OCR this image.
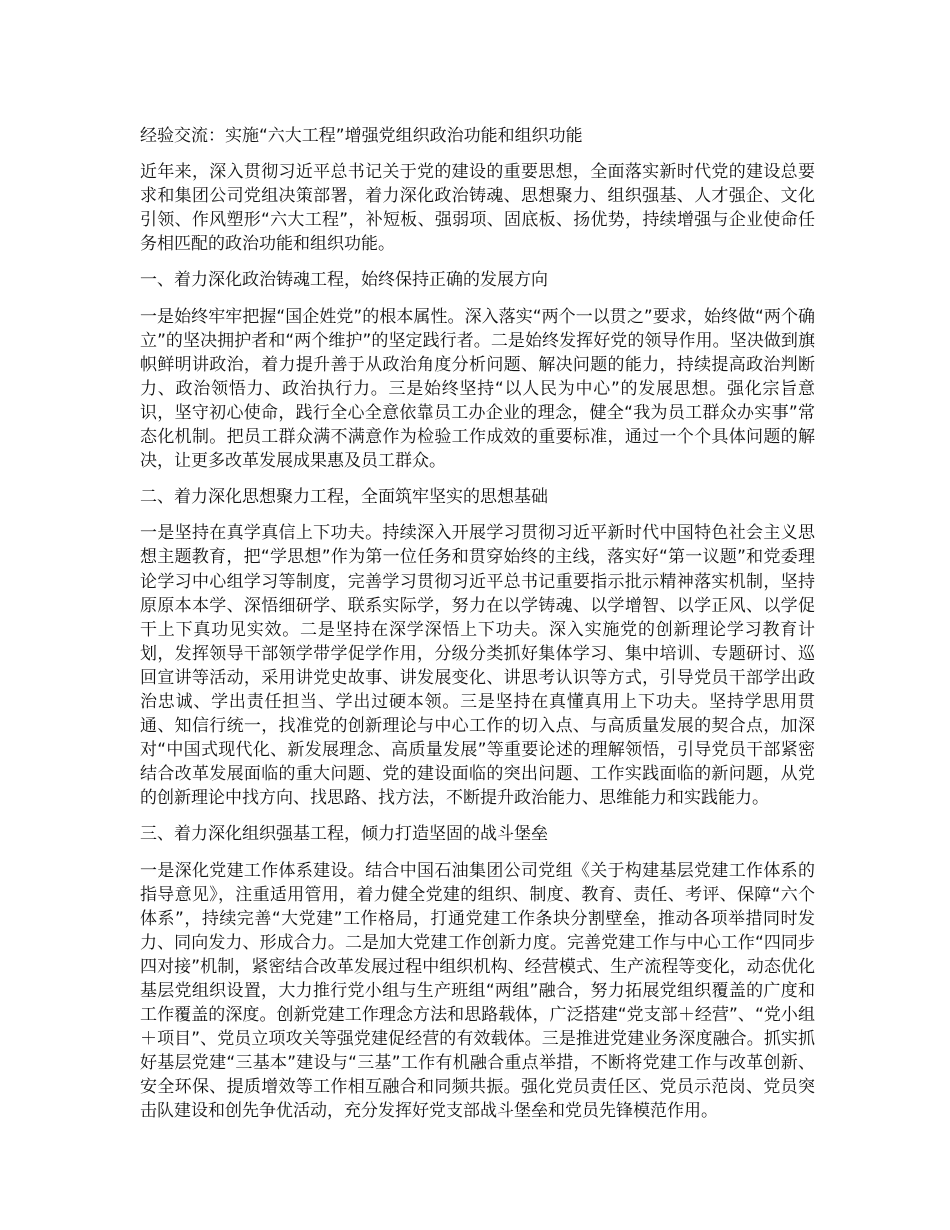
经验交流：实施“六大工程”增强党组织政治功能和组织功能

近年来，深入贯彻习近平总书记关于党的建设的重要思想，全面落实新时代党的建设总要求和集团公司党组决策部署，着力深化政治铸魂、思想聚力、组织强基、人才强企、文化引领、作风塑形“六大工程”，补短板、强弱项、固底板、扬优势，持续增强与企业使命任务相匹配的政治功能和组织功能。

一、着力深化政治铸魂工程，始终保持正确的发展方向

一是始终牢牢把握“国企姓党”的根本属性。深入落实“两个一以贯之”要求，始终做“两个确立”的坚决拥护者和“两个维护”的坚定践行者。二是始终发挥好党的领导作用。坚决做到旗帜鲜明讲政治，着力提升善于从政治角度分析问题、解决问题的能力，持续提高政治判断力、政治领悟力、政治执行力。三是始终坚持“以人民为中心”的发展思想。强化宗旨意识，坚守初心使命，践行全心全意依靠员工办企业的理念，健全“我为员工群众办实事”常态化机制。把员工群众满不满意作为检验工作成效的重要标准，通过一个个具体问题的解决，让更多改革发展成果惠及员工群众。

二、着力深化思想聚力工程，全面筑牢坚实的思想基础

一是坚持在真学真信上下功夫。持续深入开展学习贯彻习近平新时代中国特色社会主义思想主题教育，把“学思想”作为第一位任务和贯穿始终的主线，落实好“第一议题”和党委理论学习中心组学习等制度，完善学习贯彻习近平总书记重要指示批示精神落实机制，坚持原原本本学、深悟细研学、联系实际学，努力在以学铸魂、以学增智、以学正风、以学促干上下真功见实效。二是坚持在深学深悟上下功夫。深入实施党的创新理论学习教育计划，发挥领导干部领学带学促学作用，分级分类抓好集体学习、集中培训、专题研讨、巡回宣讲等活动，采用讲党史故事、讲发展变化、讲思考认识等方式，引导党员干部学出政治忠诚、学出责任担当、学出过硬本领。三是坚持在真懂真用上下功夫。坚持学思用贯通、知信行统一，找准党的创新理论与中心工作的切入点、与高质量发展的契合点，加深对“中国式现代化、新发展理念、高质量发展”等重要论述的理解领悟，引导党员干部紧密结合改革发展面临的重大问题、党的建设面临的突出问题、工作实践面临的新问题，从党的创新理论中找方向、找思路、找方法，不断提升政治能力、思维能力和实践能力。

三、着力深化组织强基工程，倾力打造坚固的战斗堡垒

一是深化党建工作体系建设。结合中国石油集团公司党组《关于构建基层党建工作体系的指导意见》，注重适用管用，着力健全党建的组织、制度、教育、责任、考评、保障“六个体系”，持续完善“大党建”工作格局，打通党建工作条块分割壁垒，推动各项举措同时发力、同向发力、形成合力。二是加大党建工作创新力度。完善党建工作与中心工作“四同步四对接”机制，紧密结合改革发展过程中组织机构、经营模式、生产流程等变化，动态优化基层党组织设置，大力推行党小组与生产班组“两组”融合，努力拓展党组织覆盖的广度和工作覆盖的深度。创新党建工作理念方法和思路载体，广泛搭建“党支部＋经营”、“党小组＋项目”、党员立项攻关等强党建促经营的有效载体。三是推进党建业务深度融合。抓实抓好基层党建“三基本”建设与“三基”工作有机融合重点举措，不断将党建工作与改革创新、安全环保、提质增效等工作相互融合和同频共振。强化党员责任区、党员示范岗、党员突击队建设和创先争优活动，充分发挥好党支部战斗堡垒和党员先锋模范作用。
